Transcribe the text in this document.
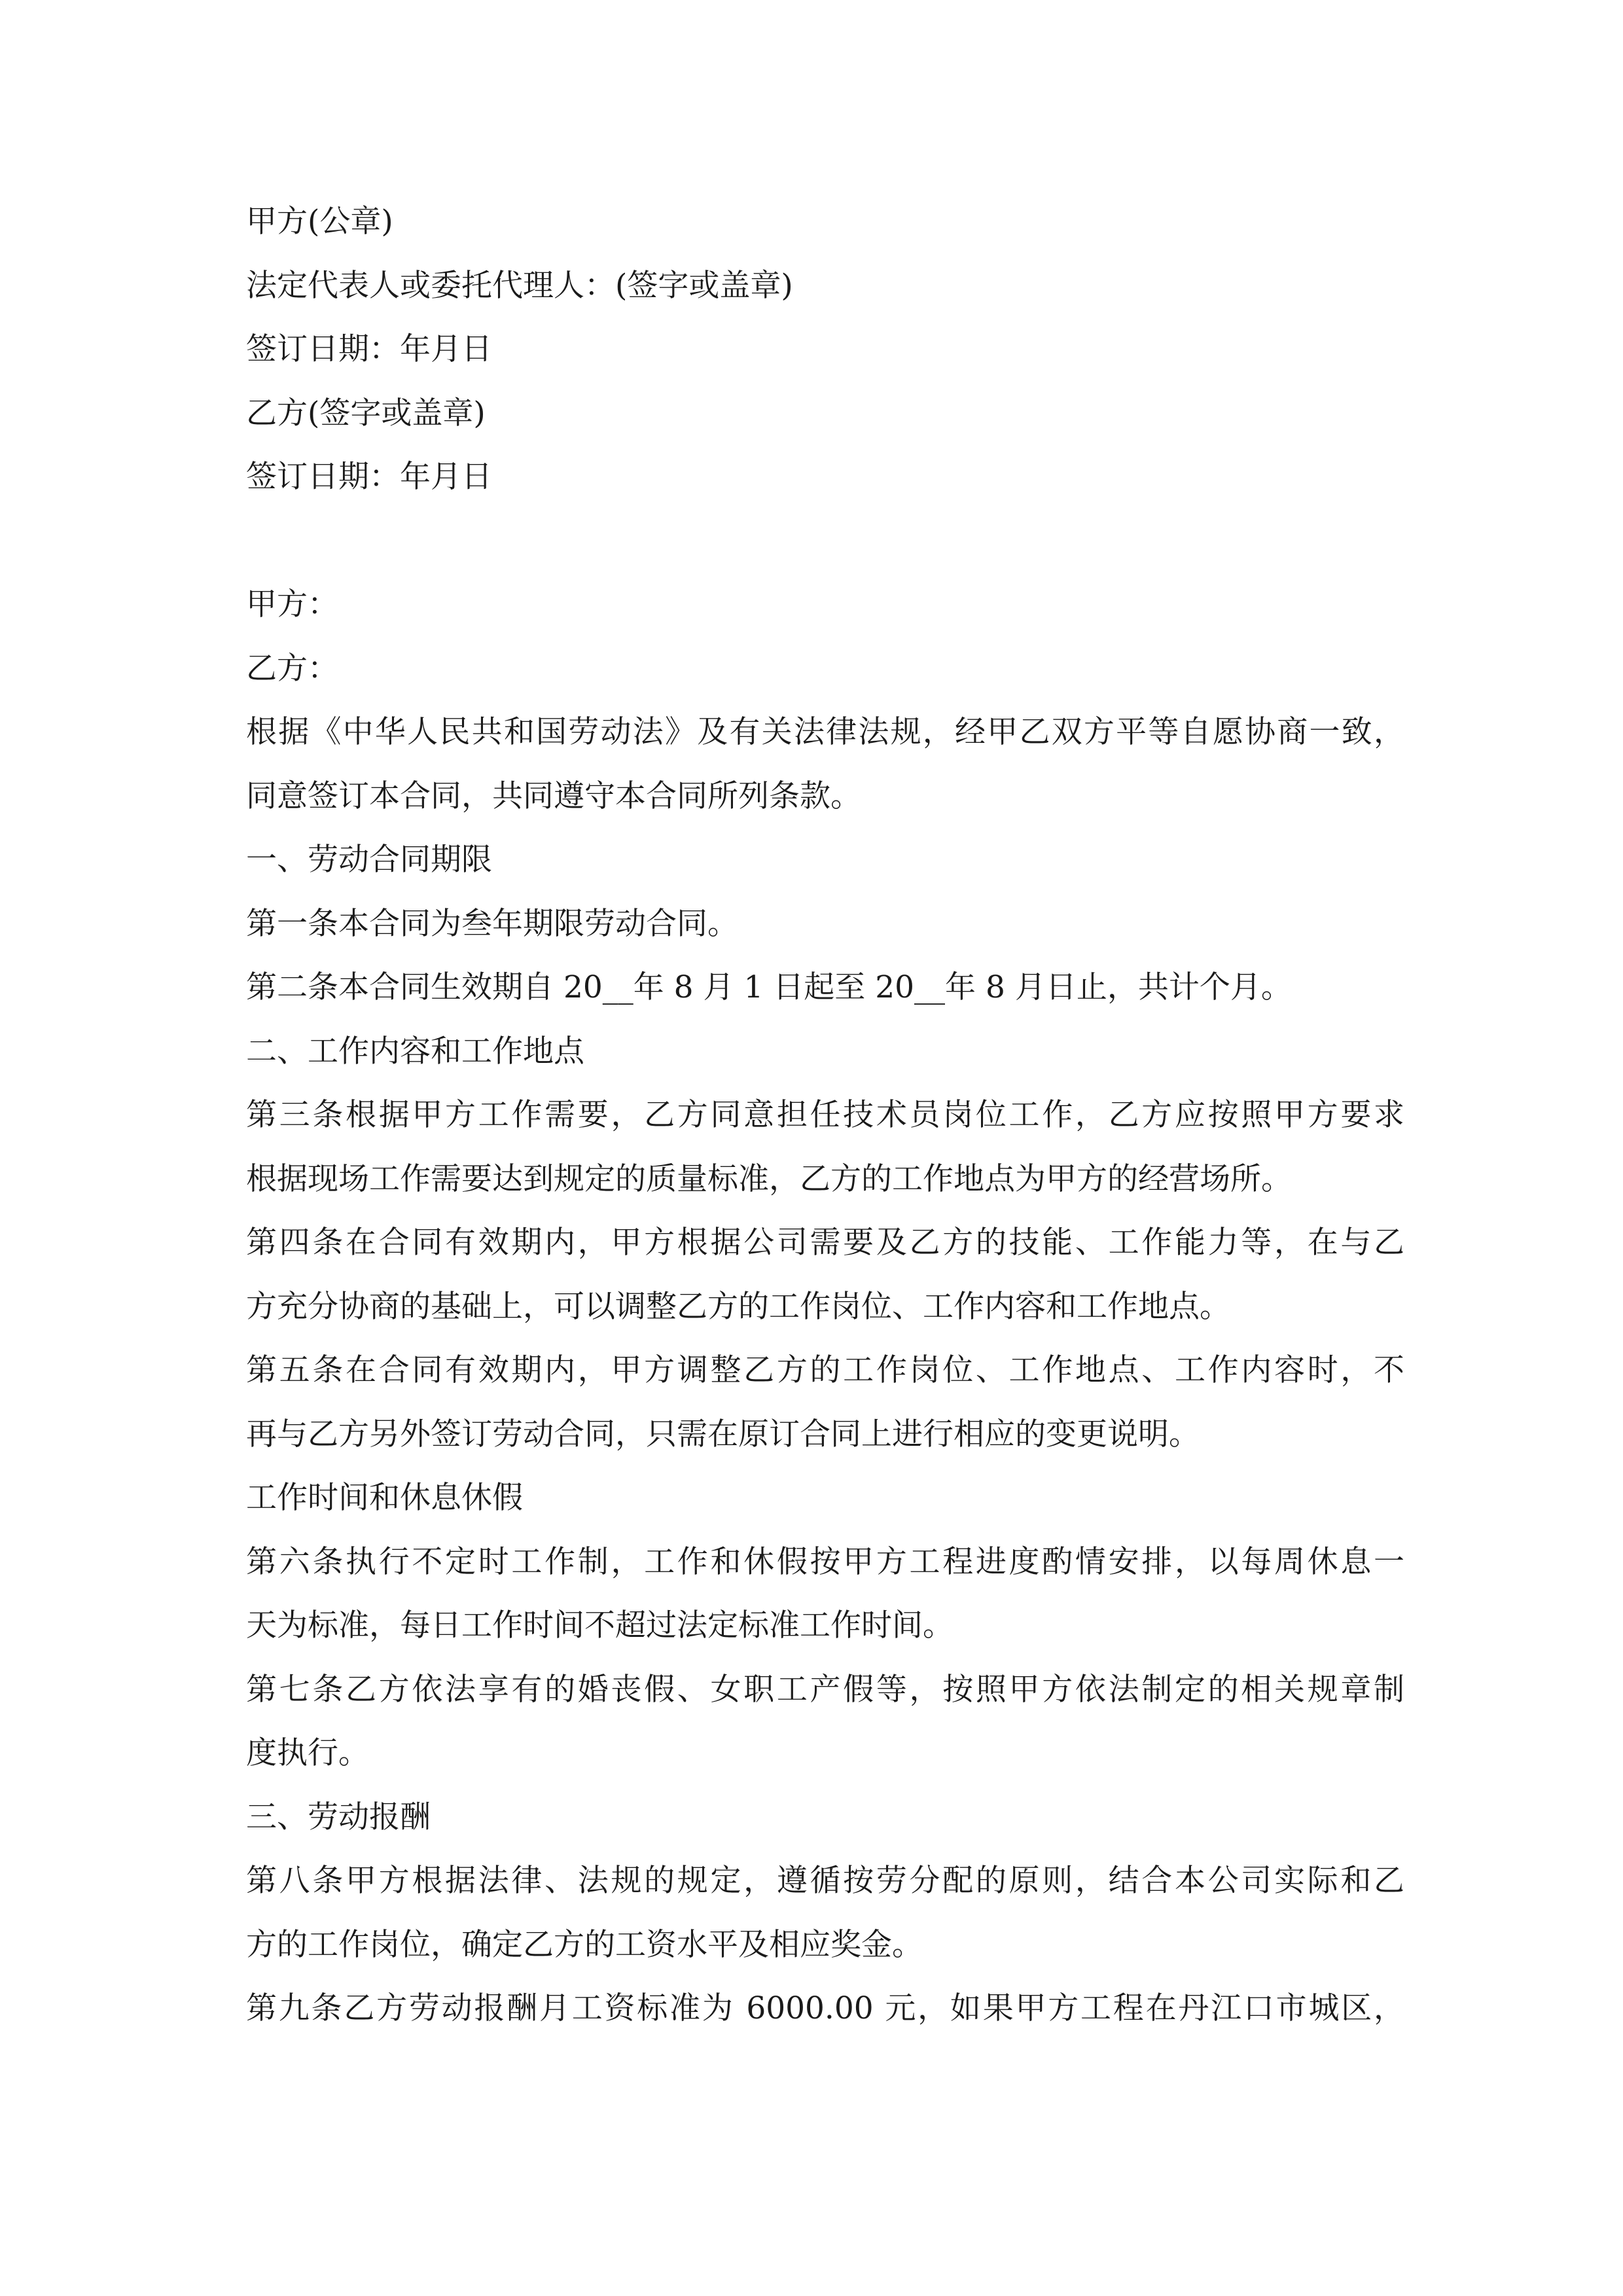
甲方(公章)
法定代表人或委托代理人：(签字或盖章)
签订日期：年月日
乙方(签字或盖章)
签订日期：年月日
甲方：
乙方：
根据《中华人民共和国劳动法》及有关法律法规，经甲乙双方平等自愿协商一致，
同意签订本合同，共同遵守本合同所列条款。
一、劳动合同期限
第一条本合同为叁年期限劳动合同。
第二条本合同生效期自 20__年 8 月 1 日起至 20__年 8 月日止，共计个月。
二、工作内容和工作地点
第三条根据甲方工作需要，乙方同意担任技术员岗位工作，乙方应按照甲方要求
根据现场工作需要达到规定的质量标准，乙方的工作地点为甲方的经营场所。
第四条在合同有效期内，甲方根据公司需要及乙方的技能、工作能力等，在与乙
方充分协商的基础上，可以调整乙方的工作岗位、工作内容和工作地点。
第五条在合同有效期内，甲方调整乙方的工作岗位、工作地点、工作内容时，不
再与乙方另外签订劳动合同，只需在原订合同上进行相应的变更说明。
工作时间和休息休假
第六条执行不定时工作制，工作和休假按甲方工程进度酌情安排，以每周休息一
天为标准，每日工作时间不超过法定标准工作时间。
第七条乙方依法享有的婚丧假、女职工产假等，按照甲方依法制定的相关规章制
度执行。
三、劳动报酬
第八条甲方根据法律、法规的规定，遵循按劳分配的原则，结合本公司实际和乙
方的工作岗位，确定乙方的工资水平及相应奖金。
第九条乙方劳动报酬月工资标准为 6000.00 元，如果甲方工程在丹江口市城区，
